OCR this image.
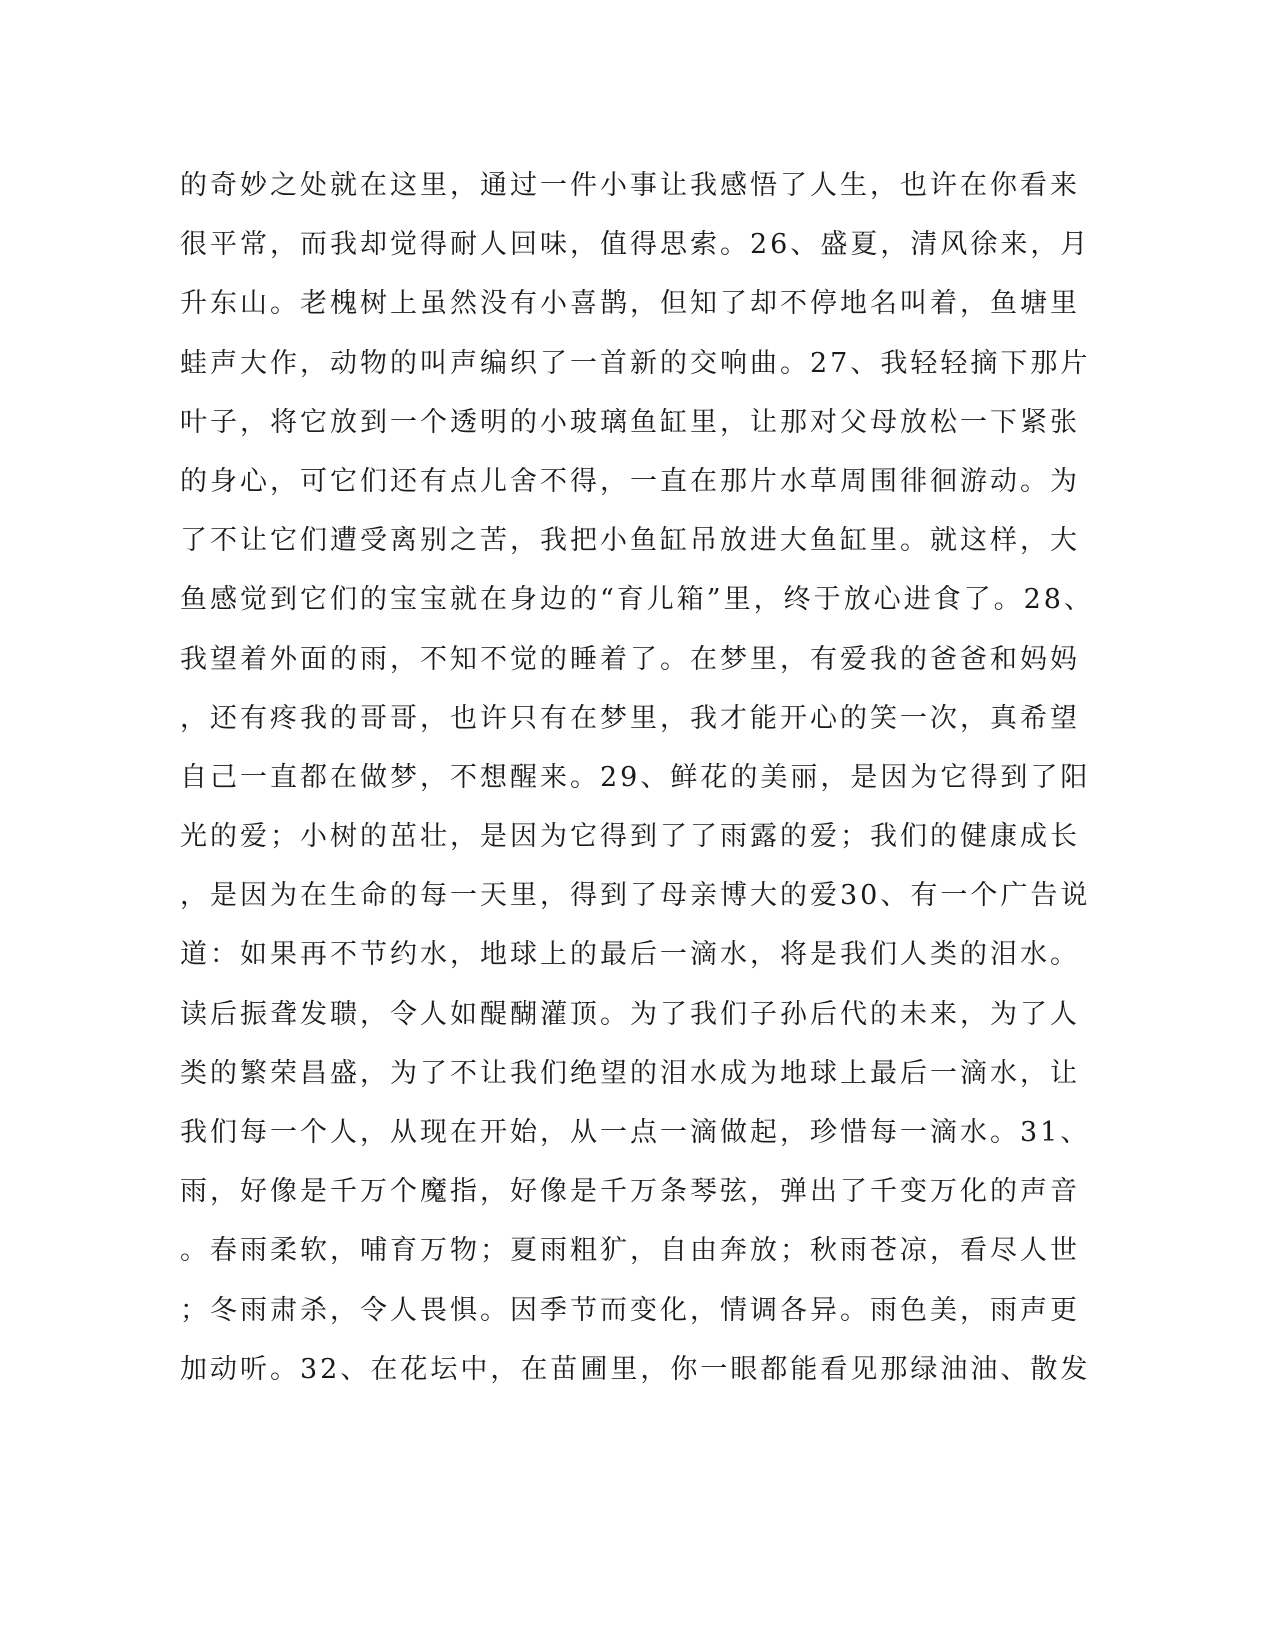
的奇妙之处就在这里，通过一件小事让我感悟了人生，也许在你看来
很平常，而我却觉得耐人回味，值得思索。26、盛夏，清风徐来，月
升东山。老槐树上虽然没有小喜鹊，但知了却不停地名叫着，鱼塘里
蛙声大作，动物的叫声编织了一首新的交响曲。27、我轻轻摘下那片
叶子，将它放到一个透明的小玻璃鱼缸里，让那对父母放松一下紧张
的身心，可它们还有点儿舍不得，一直在那片水草周围徘徊游动。为
了不让它们遭受离别之苦，我把小鱼缸吊放进大鱼缸里。就这样，大
鱼感觉到它们的宝宝就在身边的“育儿箱”里，终于放心进食了。28、
我望着外面的雨，不知不觉的睡着了。在梦里，有爱我的爸爸和妈妈
，还有疼我的哥哥，也许只有在梦里，我才能开心的笑一次，真希望
自己一直都在做梦，不想醒来。29、鲜花的美丽，是因为它得到了阳
光的爱；小树的茁壮，是因为它得到了了雨露的爱；我们的健康成长
，是因为在生命的每一天里，得到了母亲博大的爱30、有一个广告说
道：如果再不节约水，地球上的最后一滴水，将是我们人类的泪水。
读后振聋发聩，令人如醍醐灌顶。为了我们子孙后代的未来，为了人
类的繁荣昌盛，为了不让我们绝望的泪水成为地球上最后一滴水，让
我们每一个人，从现在开始，从一点一滴做起，珍惜每一滴水。31、
雨，好像是千万个魔指，好像是千万条琴弦，弹出了千变万化的声音
。春雨柔软，哺育万物；夏雨粗犷，自由奔放；秋雨苍凉，看尽人世
；冬雨肃杀，令人畏惧。因季节而变化，情调各异。雨色美，雨声更
加动听。32、在花坛中，在苗圃里，你一眼都能看见那绿油油、散发
